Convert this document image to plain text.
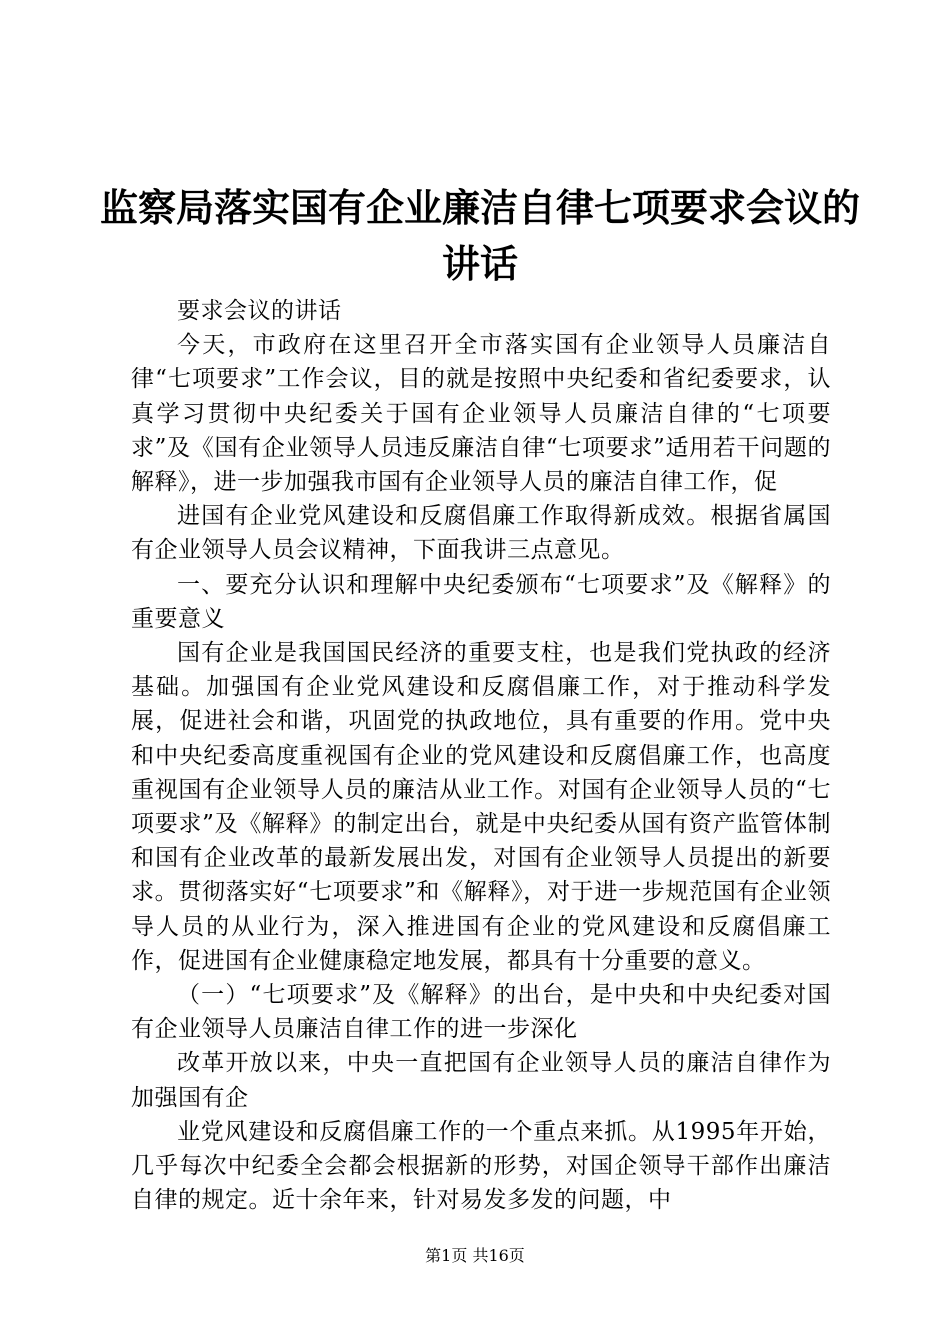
监察局落实国有企业廉洁自律七项要求会议的

讲话

要求会议的讲话

今天，市政府在这里召开全市落实国有企业领导人员廉洁自律“七项要求”工作会议，目的就是按照中央纪委和省纪委要求，认真学习贯彻中央纪委关于国有企业领导人员廉洁自律的“七项要求”及《国有企业领导人员违反廉洁自律“七项要求”适用若干问题的解释》，进一步加强我市国有企业领导人员的廉洁自律工作，促

进国有企业党风建设和反腐倡廉工作取得新成效。根据省属国有企业领导人员会议精神，下面我讲三点意见。

一、要充分认识和理解中央纪委颁布“七项要求”及《解释》的重要意义

国有企业是我国国民经济的重要支柱，也是我们党执政的经济基础。加强国有企业党风建设和反腐倡廉工作，对于推动科学发展，促进社会和谐，巩固党的执政地位，具有重要的作用。党中央和中央纪委高度重视国有企业的党风建设和反腐倡廉工作，也高度重视国有企业领导人员的廉洁从业工作。对国有企业领导人员的“七项要求”及《解释》的制定出台，就是中央纪委从国有资产监管体制和国有企业改革的最新发展出发，对国有企业领导人员提出的新要求。贯彻落实好“七项要求”和《解释》，对于进一步规范国有企业领导人员的从业行为，深入推进国有企业的党风建设和反腐倡廉工作，促进国有企业健康稳定地发展，都具有十分重要的意义。

（一）“七项要求”及《解释》的出台，是中央和中央纪委对国有企业领导人员廉洁自律工作的进一步深化

改革开放以来，中央一直把国有企业领导人员的廉洁自律作为加强国有企

业党风建设和反腐倡廉工作的一个重点来抓。从1995年开始，几乎每次中纪委全会都会根据新的形势，对国企领导干部作出廉洁自律的规定。近十余年来，针对易发多发的问题，中

第1页 共16页
